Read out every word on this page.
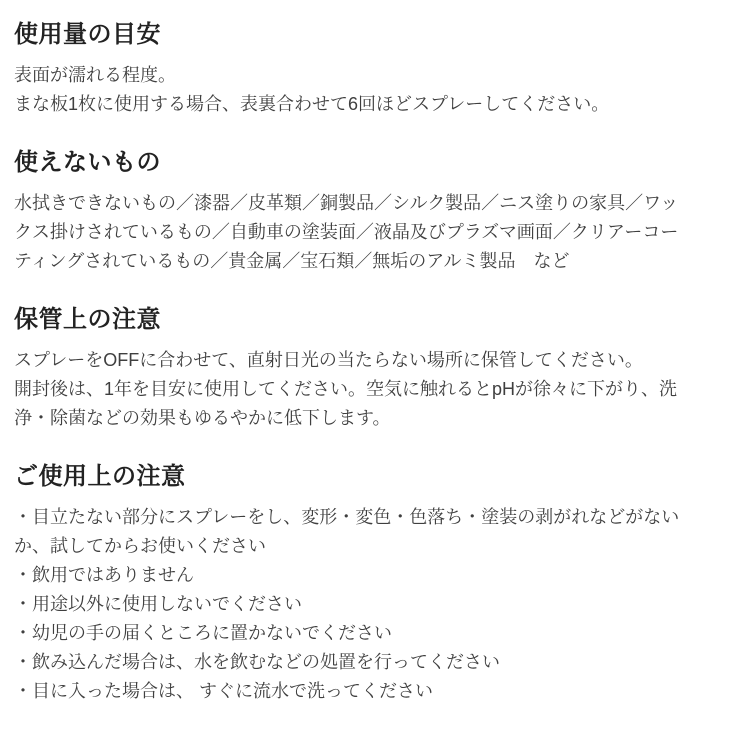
使用量の目安
表面が濡れる程度。
まな板1枚に使用する場合、表裏合わせて6回ほどスプレーしてください。
使えないもの
水拭きできないもの／漆器／皮革類／銅製品／シルク製品／ニス塗りの家具／ワッ
クス掛けされているもの／自動車の塗装面／液晶及びプラズマ画面／クリアーコー
ティングされているもの／貴金属／宝石類／無垢のアルミ製品　など
保管上の注意
スプレーをOFFに合わせて、直射日光の当たらない場所に保管してください。
開封後は、1年を目安に使用してください。空気に触れるとpHが徐々に下がり、洗
浄・除菌などの効果もゆるやかに低下します。
ご使用上の注意
・目立たない部分にスプレーをし、変形・変色・色落ち・塗装の剥がれなどがない
か、試してからお使いください
・飲用ではありません
・用途以外に使用しないでください
・幼児の手の届くところに置かないでください
・飲み込んだ場合は、水を飲むなどの処置を行ってください
・目に入った場合は、 すぐに流水で洗ってください
